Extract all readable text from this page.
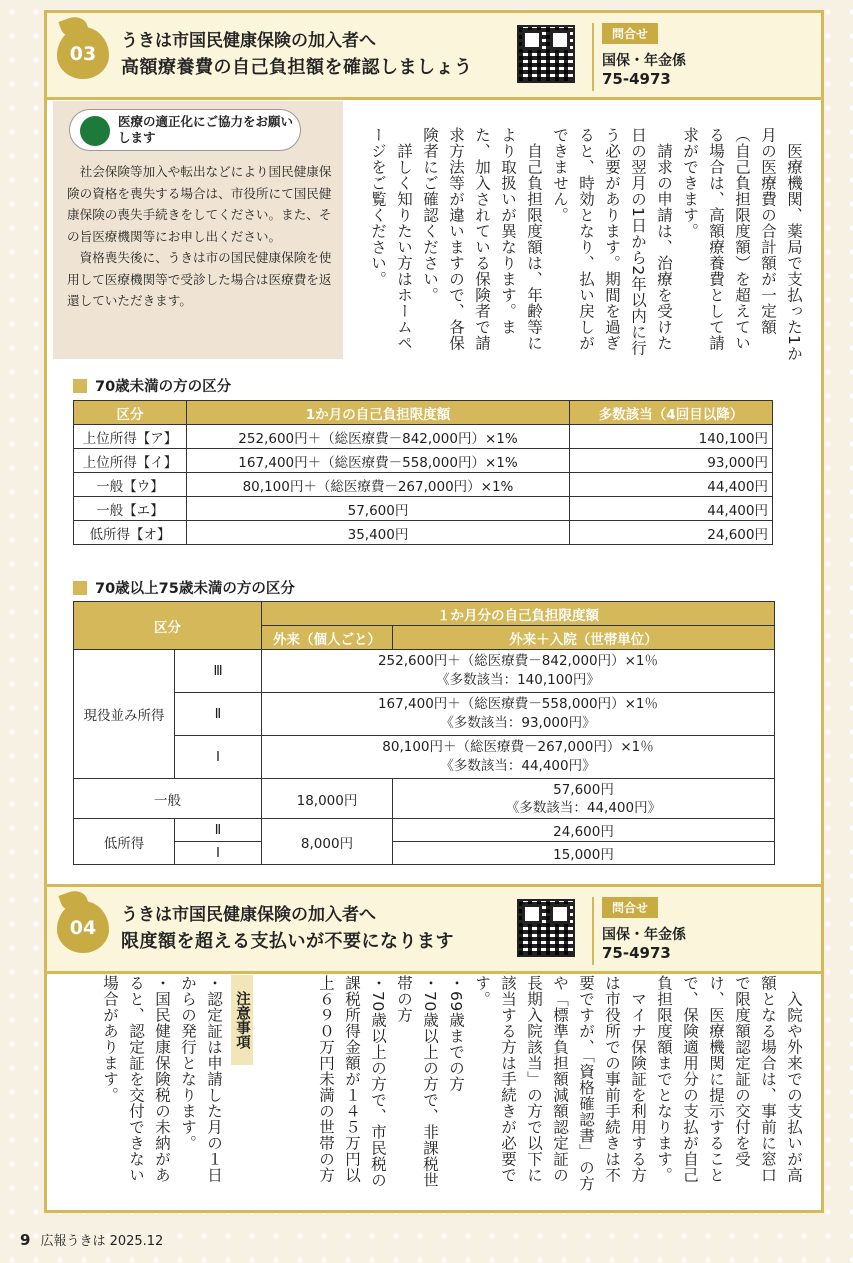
03
うきは市国民健康保険の加入者へ
高額療養費の自己負担額を確認しましょう
問合せ
国保・年金係
75-4973
医療の適正化にご協力をお願いします

社会保険等加入や転出などにより国民健康保険の資格を喪失する場合は、市役所にて国民健康保険の喪失手続きをしてください。また、その旨医療機関等にお申し出ください。

資格喪失後に、うきは市の国民健康保険を使用して医療機関等で受診した場合は医療費を返還していただきます。	医療機関、薬局で支払った1か月の医療費の合計額が一定額（自己負担限度額）を超えている場合は、高額療養費として請求ができます。

請求の申請は、治療を受けた日の翌月の1日から2年以内に行う必要があります。期間を過ぎると、時効となり、払い戻しができません。

自己負担限度額は、年齢等により取扱いが異なります。また、加入されている保険者で請求方法等が違いますので、各保険者にご確認ください。

詳しく知りたい方はホームページをご覧ください。

70歳未満の方の区分
区分	1か月の自己負担限度額	多数該当（4回目以降）
上位所得【ア】	252,600円＋（総医療費－842,000円）×1%	140,100円
上位所得【イ】	167,400円＋（総医療費－558,000円）×1%	93,000円
一般【ウ】	80,100円＋（総医療費－267,000円）×1%	44,400円
一般【エ】	57,600円	44,400円
低所得【オ】	35,400円	24,600円
70歳以上75歳未満の方の区分
区分		１か月分の自己負担限度額	
		外来（個人ごと）	外来＋入院（世帯単位）
現役並み所得	Ⅲ	252,600円＋（総医療費－842,000円）×1％
《多数該当：140,100円》	

	Ⅱ	167,400円＋（総医療費－558,000円）×1％
《多数該当：93,000円》	

	Ⅰ	80,100円＋（総医療費－267,000円）×1％
《多数該当：44,400円》	

一般		18,000円	57,600円
《多数該当：44,400円》

低所得	Ⅱ	8,000円	24,600円
	Ⅰ		15,000円
04
うきは市国民健康保険の加入者へ
限度額を超える支払いが不要になります
問合せ
国保・年金係
75-4973

入院や外来での支払いが高額となる場合は、事前に窓口で限度額認定証の交付を受け、医療機関に提示することで、保険適用分の支払が自己負担限度額までとなります。

マイナ保険証を利用する方は市役所での事前手続きは不要ですが、「資格確認書」の方や「標準負担額減額認定証の長期入院該当」の方で以下に該当する方は手続きが必要です。

・69歳までの方

・70歳以上の方で、非課税世帯の方

・70歳以上の方で、市民税の課税所得金額が１４５万円以上６９０万円未満の世帯の方

注意事項

・認定証は申請した月の１日からの発行となります。

・国民健康保険税の未納があると、認定証を交付できない場合があります。

9 広報うきは 2025.12
